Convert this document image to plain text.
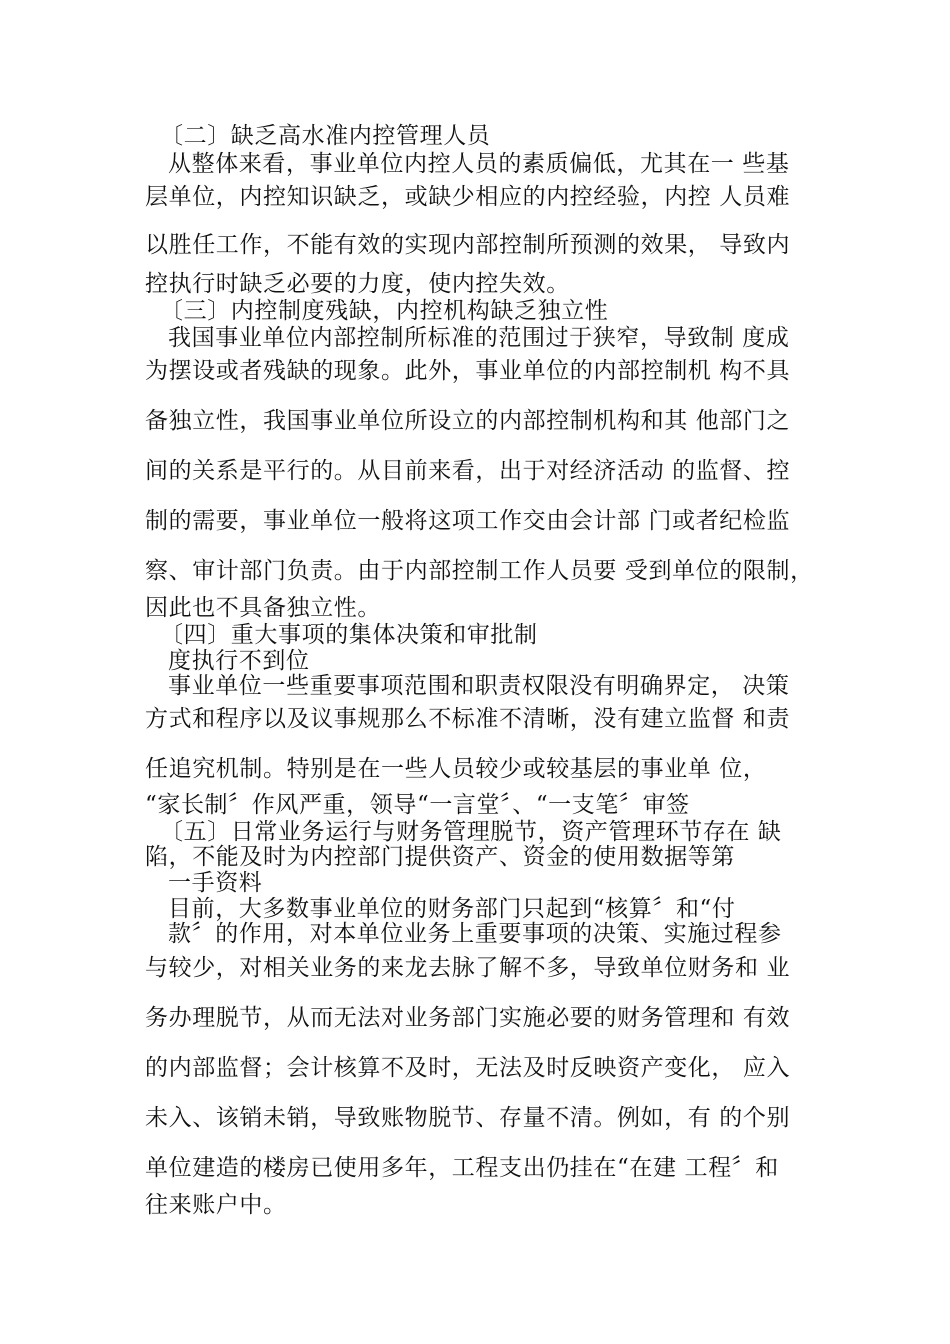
〔二〕缺乏高水准内控管理人员
从整体来看，事业单位内控人员的素质偏低，尤其在一 些基
层单位，内控知识缺乏，或缺少相应的内控经验，内控 人员难
以胜任工作，不能有效的实现内部控制所预测的效果， 导致内
控执行时缺乏必要的力度，使内控失效。
〔三〕内控制度残缺，内控机构缺乏独立性
我国事业单位内部控制所标准的范围过于狭窄，导致制 度成
为摆设或者残缺的现象。此外，事业单位的内部控制机 构不具
备独立性，我国事业单位所设立的内部控制机构和其 他部门之
间的关系是平行的。从目前来看，出于对经济活动 的监督、控
制的需要，事业单位一般将这项工作交由会计部 门或者纪检监
察、审计部门负责。由于内部控制工作人员要 受到单位的限制，
因此也不具备独立性。
〔四〕重大事项的集体决策和审批制
度执行不到位
事业单位一些重要事项范围和职责权限没有明确界定， 决策
方式和程序以及议事规那么不标准不清晰，没有建立监督 和责
任追究机制。特别是在一些人员较少或较基层的事业单 位，
“家长制〞作风严重，领导“一言堂〞、“一支笔〞审签
〔五〕日常业务运行与财务管理脱节，资产管理环节存在 缺
陷，不能及时为内控部门提供资产、资金的使用数据等第
一手资料
目前，大多数事业单位的财务部门只起到“核算〞和“付
款〞的作用，对本单位业务上重要事项的决策、实施过程参
与较少，对相关业务的来龙去脉了解不多，导致单位财务和 业
务办理脱节，从而无法对业务部门实施必要的财务管理和 有效
的内部监督；会计核算不及时，无法及时反映资产变化， 应入
未入、该销未销，导致账物脱节、存量不清。例如，有 的个别
单位建造的楼房已使用多年，工程支出仍挂在“在建 工程〞和
往来账户中。
